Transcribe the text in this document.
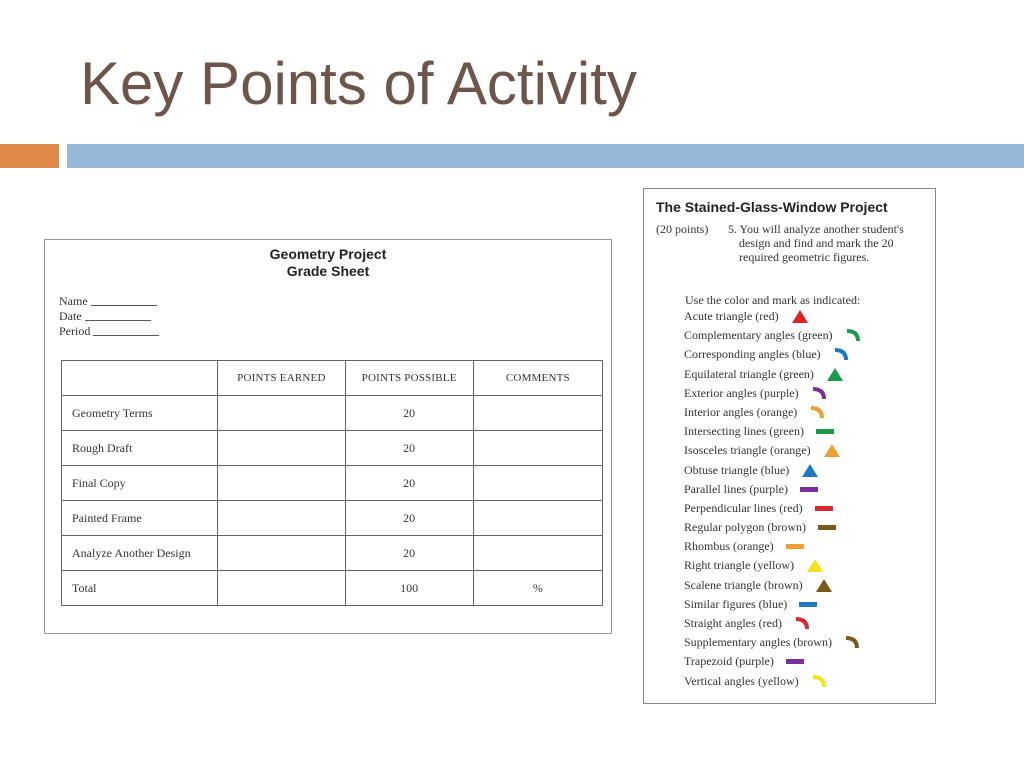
Key Points of Activity
Geometry Project
Grade Sheet
Name
Date
Period
	POINTS EARNED	POINTS POSSIBLE	COMMENTS
Geometry Terms		20	
Rough Draft		20	
Final Copy		20	
Painted Frame		20	
Analyze Another Design		20	
Total		100	%
The Stained-Glass-Window Project
(20 points) 5. You will analyze another student's design and find and mark the 20 required geometric figures.
Use the color and mark as indicated:
Acute triangle (red)
Complementary angles (green)
Corresponding angles (blue)
Equilateral triangle (green)
Exterior angles (purple)
Interior angles (orange)
Intersecting lines (green)
Isosceles triangle (orange)
Obtuse triangle (blue)
Parallel lines (purple)
Perpendicular lines (red)
Regular polygon (brown)
Rhombus (orange)
Right triangle (yellow)
Scalene triangle (brown)
Similar figures (blue)
Straight angles (red)
Supplementary angles (brown)
Trapezoid (purple)
Vertical angles (yellow)
